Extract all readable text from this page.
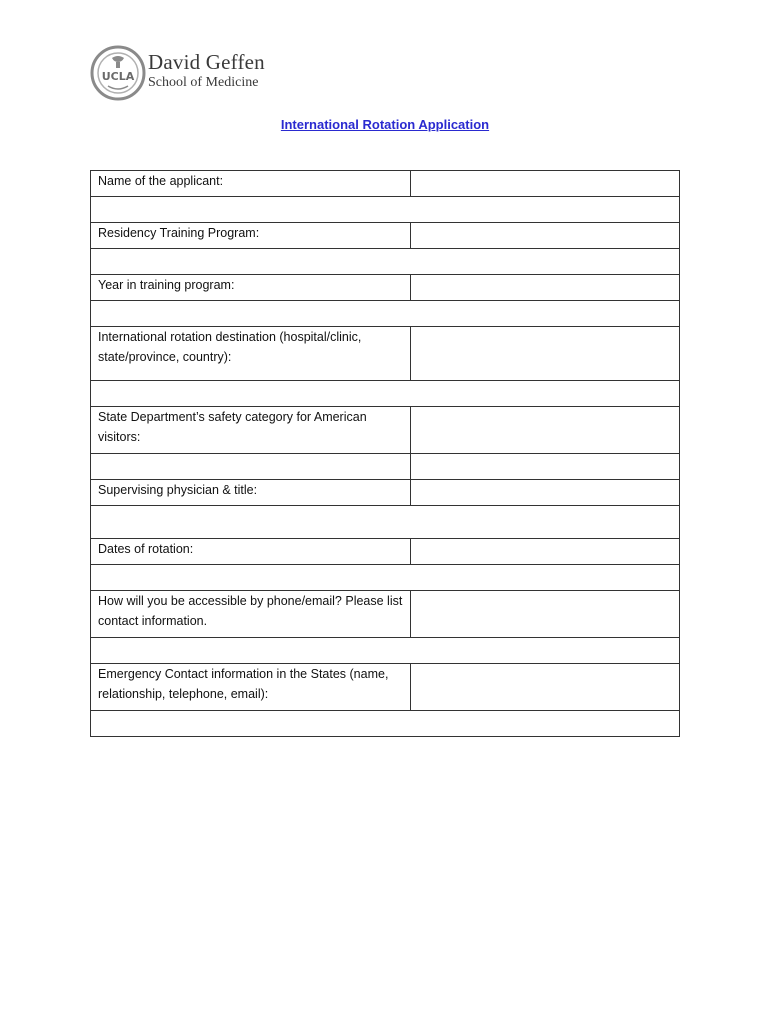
UCLA
David Geffen
School of Medicine
International Rotation Application
Name of the applicant:	

Residency Training Program:	

Year in training program:	

International rotation destination (hospital/clinic, state/province, country):	

State Department’s safety category for American visitors:	

Supervising physician & title:	

Dates of rotation:	

How will you be accessible by phone/email? Please list contact information.	

Emergency Contact information in the States (name, relationship, telephone, email):	
